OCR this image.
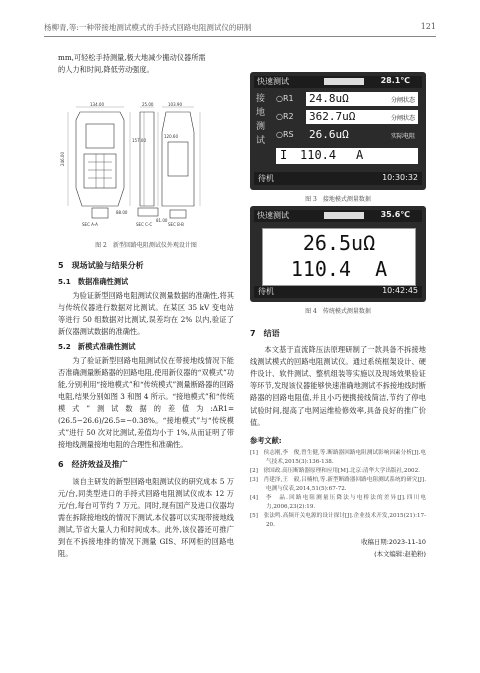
杨柳青,等:一种带接地测试模式的手持式回路电阻测试仪的研制	121
mm,可轻松手持测量,极大地减少搬动仪器所需
的人力和时间,降低劳动强度。
134.00	25.00	103.90
157.00
120.60
246.00
SEC A-A	SEC C-C	SEC B-B
88.00
81.00
图 2　新型回路电阻测试仪外观设计图
快速测试	28.1℃
接
地
测
试
○R1 24.8uΩ	分闸状态
○R2 362.7uΩ	分闸状态
○RS 26.6uΩ	实际电阻
I 110.4 A
待机	10:30:32
图 3　接地模式测量数据
快速测试	35.6℃
26.5uΩ
110.4 A
待机	10:42:45
图 4　传统模式测量数据
5　现场试验与结果分析
5.1　数据准确性测试

为验证新型回路电阻测试仪测量数据的准确性,将其与传统仪器进行数据对比测试。在某区 35 kV 变电站等进行 50 组数据对比测试,误差均在 2% 以内,验证了新仪器测试数据的准确性。

5.2　新模式准确性测试

为了验证新型回路电阻测试仪在带接地线情况下能否准确测量断路器的回路电阻,使用新仪器的“双模式”功能,分别利用“接地模式”和“传统模式”测量断路器的回路电阻,结果分别如图 3 和图 4 所示。“接地模式”和“传统模式”测试数据的差值为:ΔR1=(26.5−26.6)/26.5=−0.38%。“接地模式”与“传统模式”进行 50 次对比测试,差值均小于 1%,从而证明了带接地线测量接地电阻的合理性和准确性。

6　经济效益及推广

该自主研发的新型回路电阻测试仪的研究成本 5 万元/台,同类型进口的手持式回路电阻测试仪成本 12 万元/台,每台可节约 7 万元。同时,现有国产及进口仪器均需在拆除接地线的情况下测试,本仪器可以实现带接地线测试,节省大量人力和时间成本。此外,该仪器还可推广到在不拆接地排的情况下测量 GIS、环网柜的回路电阻。

7　结语

本文基于直流降压法原理研制了一款具备不拆接地线测试模式的回路电阻测试仪。通过系统框架设计、硬件设计、软件测试、整机组装等实施以及现场效果验证等环节,发现该仪器能够快速准确地测试不拆接地线时断路器的回路电阻值,并且小巧便携接线简洁,节约了停电试验时间,提高了电网运维检修效率,具备良好的推广价值。

参考文献:
[1]　侯志刚,李　俊,曾生健,等.断路器回路电阻测试影响因素分析[J].电气技术,2015(3):136-138.
[2]　徐国政.高压断路器原理和应用[M].北京:清华大学出版社,2002.
[3]　肖建泽,王　毅,吕楠柏,等.新型断路器回路电阻测试系统的研究[J].电测与仪表,2014,51(5):67-72.
[4]　李　晶.回路电阻测量压降法与电桥法的差异[J].四川电力,2006,23(2):19.
[5]　张法鸣.高频开关电源的设计探讨[J].企业技术开发,2015(21):17-20.
收稿日期:2023-11-10
(本文编辑:赵艳粉)
